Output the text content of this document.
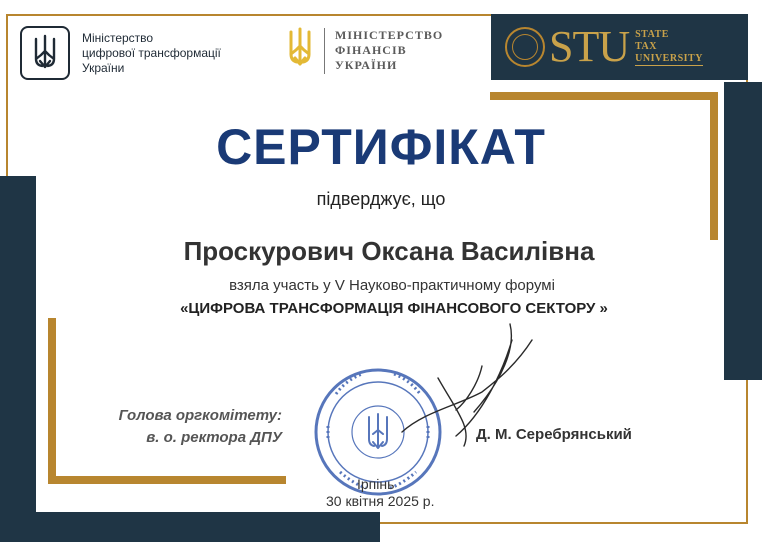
Міністерство
цифрової трансформації
України
МІНІСТЕРСТВО
ФІНАНСІВ
УКРАЇНИ	STU STATE
TAX
UNIVERSITY
СЕРТИФІКАТ
підверджує, що
Проскурович Оксана Василівна
взяла участь у V Науково-практичному форумі
«ЦИФРОВА ТРАНСФОРМАЦІЯ ФІНАНСОВОГО СЕКТОРУ »
Голова оргкомітету:
в. о. ректора ДПУ	Д. М. Серебрянський
Ірпінь
30 квітня 2025 р.
